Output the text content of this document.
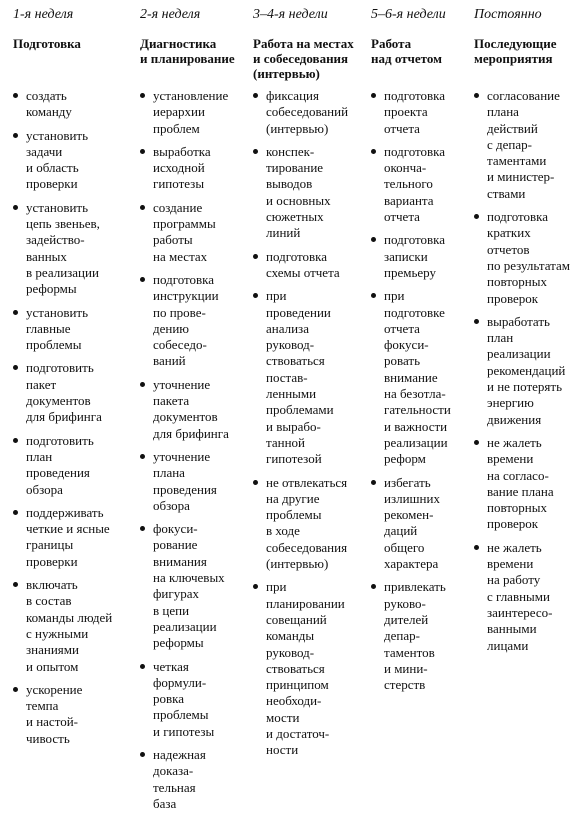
1-я неделя
Подготовка
создать
команду
установить
задачи
и область
проверки
установить
цепь звеньев,
задейство-
ванных
в реализации
реформы
установить
главные
проблемы
подготовить
пакет
документов
для брифинга
подготовить
план
проведения
обзора
поддерживать
четкие и ясные
границы
проверки
включать
в состав
команды людей
с нужными
знаниями
и опытом
ускорение
темпа
и настой-
чивость
2-я неделя
Диагностика
и планирование
установление
иерархии
проблем
выработка
исходной
гипотезы
создание
программы
работы
на местах
подготовка
инструкции
по прове-
дению
собеседо-
ваний
уточнение
пакета
документов
для брифинга
уточнение
плана
проведения
обзора
фокуси-
рование
внимания
на ключевых
фигурах
в цепи
реализации
реформы
четкая
формули-
ровка
проблемы
и гипотезы
надежная
доказа-
тельная
база
3–4-я недели
Работа на местах
и собеседования
(интервью)
фиксация
собеседований
(интервью)
конспек-
тирование
выводов
и основных
сюжетных
линий
подготовка
схемы отчета
при
проведении
анализа
руковод-
ствоваться
постав-
ленными
проблемами
и вырабо-
танной
гипотезой
не отвлекаться
на другие
проблемы
в ходе
собеседования
(интервью)
при
планировании
совещаний
команды
руковод-
ствоваться
принципом
необходи-
мости
и достаточ-
ности
5–6-я недели
Работа
над отчетом
подготовка
проекта
отчета
подготовка
оконча-
тельного
варианта
отчета
подготовка
записки
премьеру
при
подготовке
отчета
фокуси-
ровать
внимание
на безотла-
гательности
и важности
реализации
реформ
избегать
излишних
рекомен-
даций
общего
характера
привлекать
руково-
дителей
депар-
таментов
и мини-
стерств
Постоянно
Последующие
мероприятия
согласование
плана
действий
с депар-
таментами
и министер-
ствами
подготовка
кратких
отчетов
по результатам
повторных
проверок
выработать
план
реализации
рекомендаций
и не потерять
энергию
движения
не жалеть
времени
на согласо-
вание плана
повторных
проверок
не жалеть
времени
на работу
с главными
заинтересо-
ванными
лицами
